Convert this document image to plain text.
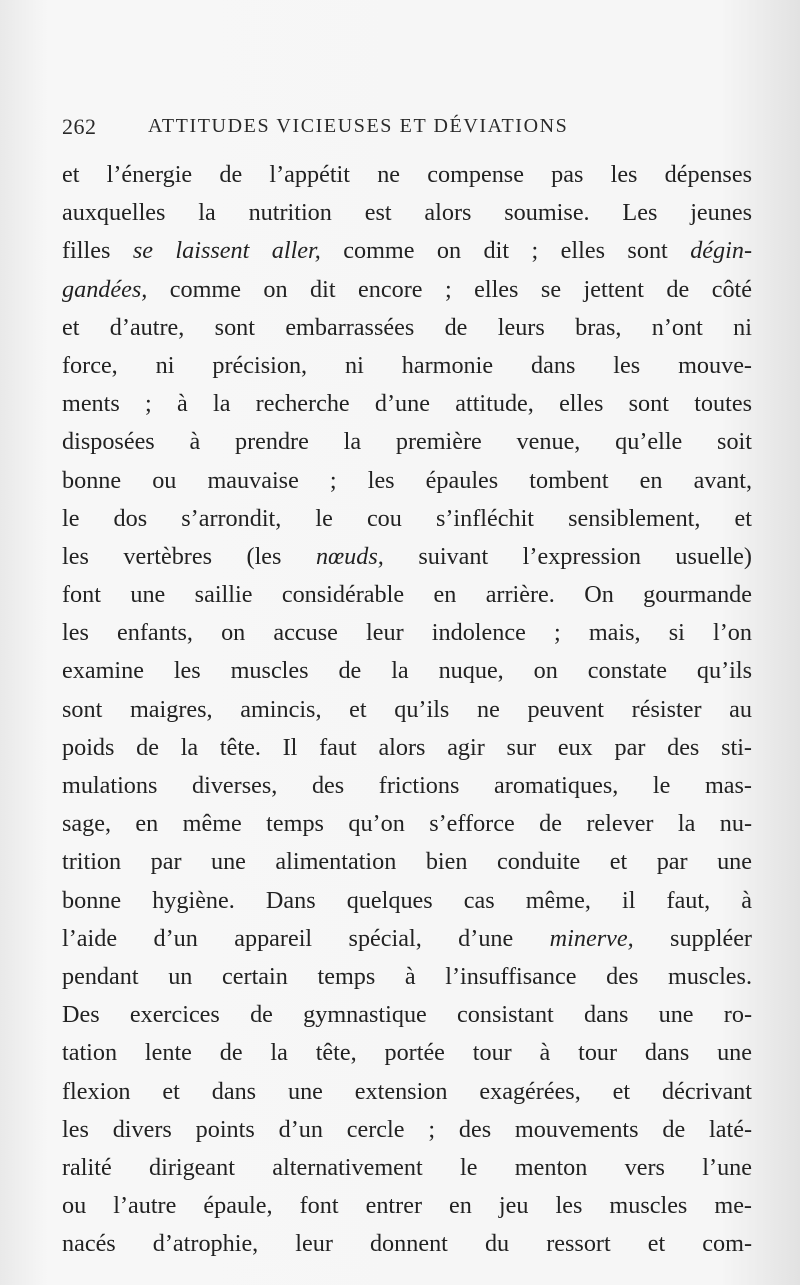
262	ATTITUDES VICIEUSES ET DÉVIATIONS
et l’énergie de l’appétit ne compense pas les dépenses
auxquelles la nutrition est alors soumise. Les jeunes
filles se laissent aller, comme on dit ; elles sont dégin-
gandées, comme on dit encore ; elles se jettent de côté
et d’autre, sont embarrassées de leurs bras, n’ont ni
force, ni précision, ni harmonie dans les mouve-
ments ; à la recherche d’une attitude, elles sont toutes
disposées à prendre la première venue, qu’elle soit
bonne ou mauvaise ; les épaules tombent en avant,
le dos s’arrondit, le cou s’infléchit sensiblement, et
les vertèbres (les nœuds, suivant l’expression usuelle)
font une saillie considérable en arrière. On gourmande
les enfants, on accuse leur indolence ; mais, si l’on
examine les muscles de la nuque, on constate qu’ils
sont maigres, amincis, et qu’ils ne peuvent résister au
poids de la tête. Il faut alors agir sur eux par des sti-
mulations diverses, des frictions aromatiques, le mas-
sage, en même temps qu’on s’efforce de relever la nu-
trition par une alimentation bien conduite et par une
bonne hygiène. Dans quelques cas même, il faut, à
l’aide d’un appareil spécial, d’une minerve, suppléer
pendant un certain temps à l’insuffisance des muscles.
Des exercices de gymnastique consistant dans une ro-
tation lente de la tête, portée tour à tour dans une
flexion et dans une extension exagérées, et décrivant
les divers points d’un cercle ; des mouvements de laté-
ralité dirigeant alternativement le menton vers l’une
ou l’autre épaule, font entrer en jeu les muscles me-
nacés d’atrophie, leur donnent du ressort et com-
